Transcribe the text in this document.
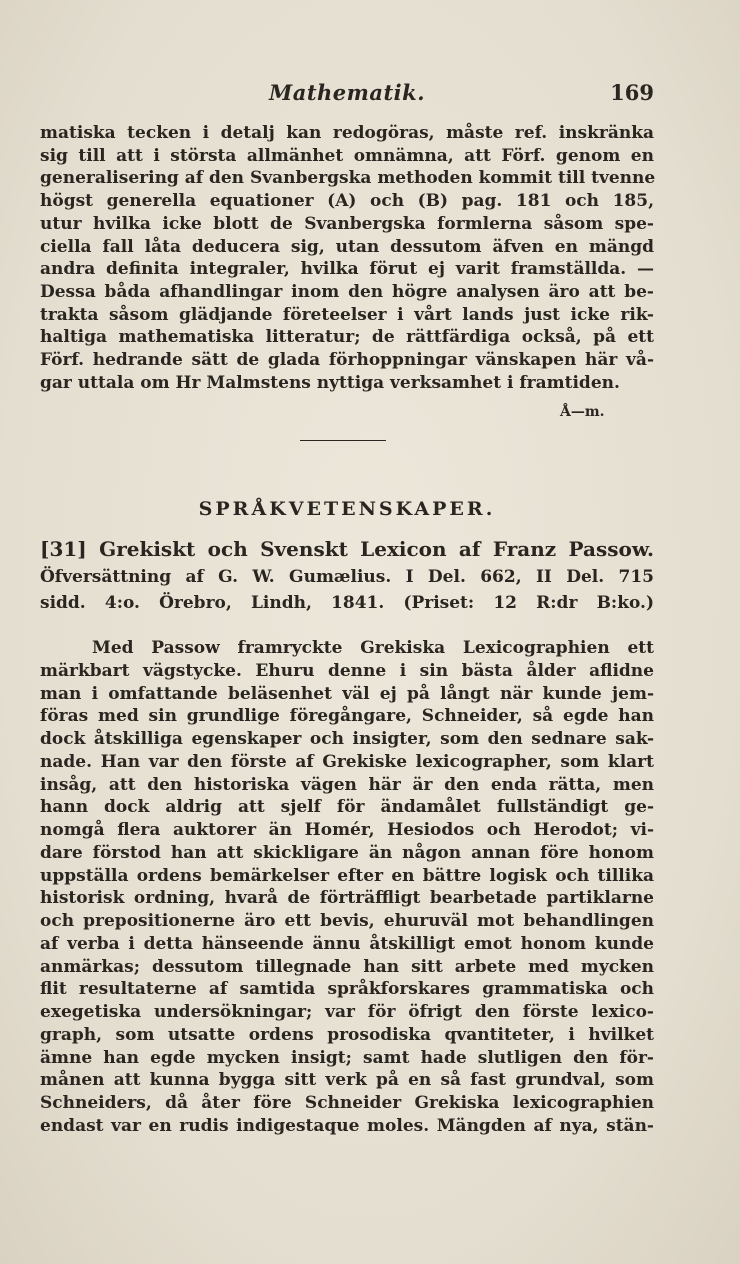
Mathematik.	169
matiska tecken i detalj kan redogöras, måste ref. inskränka
sig till att i största allmänhet omnämna, att Förf. genom en
generalisering af den Svanbergska methoden kommit till tvenne
högst generella equationer (A) och (B) pag. 181 och 185,
utur hvilka icke blott de Svanbergska formlerna såsom spe-
ciella fall låta deducera sig, utan dessutom äfven en mängd
andra definita integraler, hvilka förut ej varit framställda. —
Dessa båda afhandlingar inom den högre analysen äro att be-
trakta såsom glädjande företeelser i vårt lands just icke rik-
haltiga mathematiska litteratur; de rättfärdiga också, på ett
Förf. hedrande sätt de glada förhoppningar vänskapen här vå-
gar uttala om Hr Malmstens nyttiga verksamhet i framtiden.
Å—m.
SPRÅKVETENSKAPER.
[31] Grekiskt och Svenskt Lexicon af Franz Passow.
Öfversättning af G. W. Gumælius. I Del. 662, II Del. 715
sidd. 4:o. Örebro, Lindh, 1841. (Priset: 12 R:dr B:ko.)
Med Passow framryckte Grekiska Lexicographien ett
märkbart vägstycke. Ehuru denne i sin bästa ålder aflidne
man i omfattande beläsenhet väl ej på långt när kunde jem-
föras med sin grundlige föregångare, Schneider, så egde han
dock åtskilliga egenskaper och insigter, som den sednare sak-
nade. Han var den förste af Grekiske lexicographer, som klart
insåg, att den historiska vägen här är den enda rätta, men
hann dock aldrig att sjelf för ändamålet fullständigt ge-
nomgå flera auktorer än Homér, Hesiodos och Herodot; vi-
dare förstod han att skickligare än någon annan före honom
uppställa ordens bemärkelser efter en bättre logisk och tillika
historisk ordning, hvarå de förträffligt bearbetade partiklarne
och prepositionerne äro ett bevis, ehuruväl mot behandlingen
af verba i detta hänseende ännu åtskilligt emot honom kunde
anmärkas; dessutom tillegnade han sitt arbete med mycken
flit resultaterne af samtida språkforskares grammatiska och
exegetiska undersökningar; var för öfrigt den förste lexico-
graph, som utsatte ordens prosodiska qvantiteter, i hvilket
ämne han egde mycken insigt; samt hade slutligen den för-
månen att kunna bygga sitt verk på en så fast grundval, som
Schneiders, då åter före Schneider Grekiska lexicographien
endast var en rudis indigestaque moles. Mängden af nya, stän-
